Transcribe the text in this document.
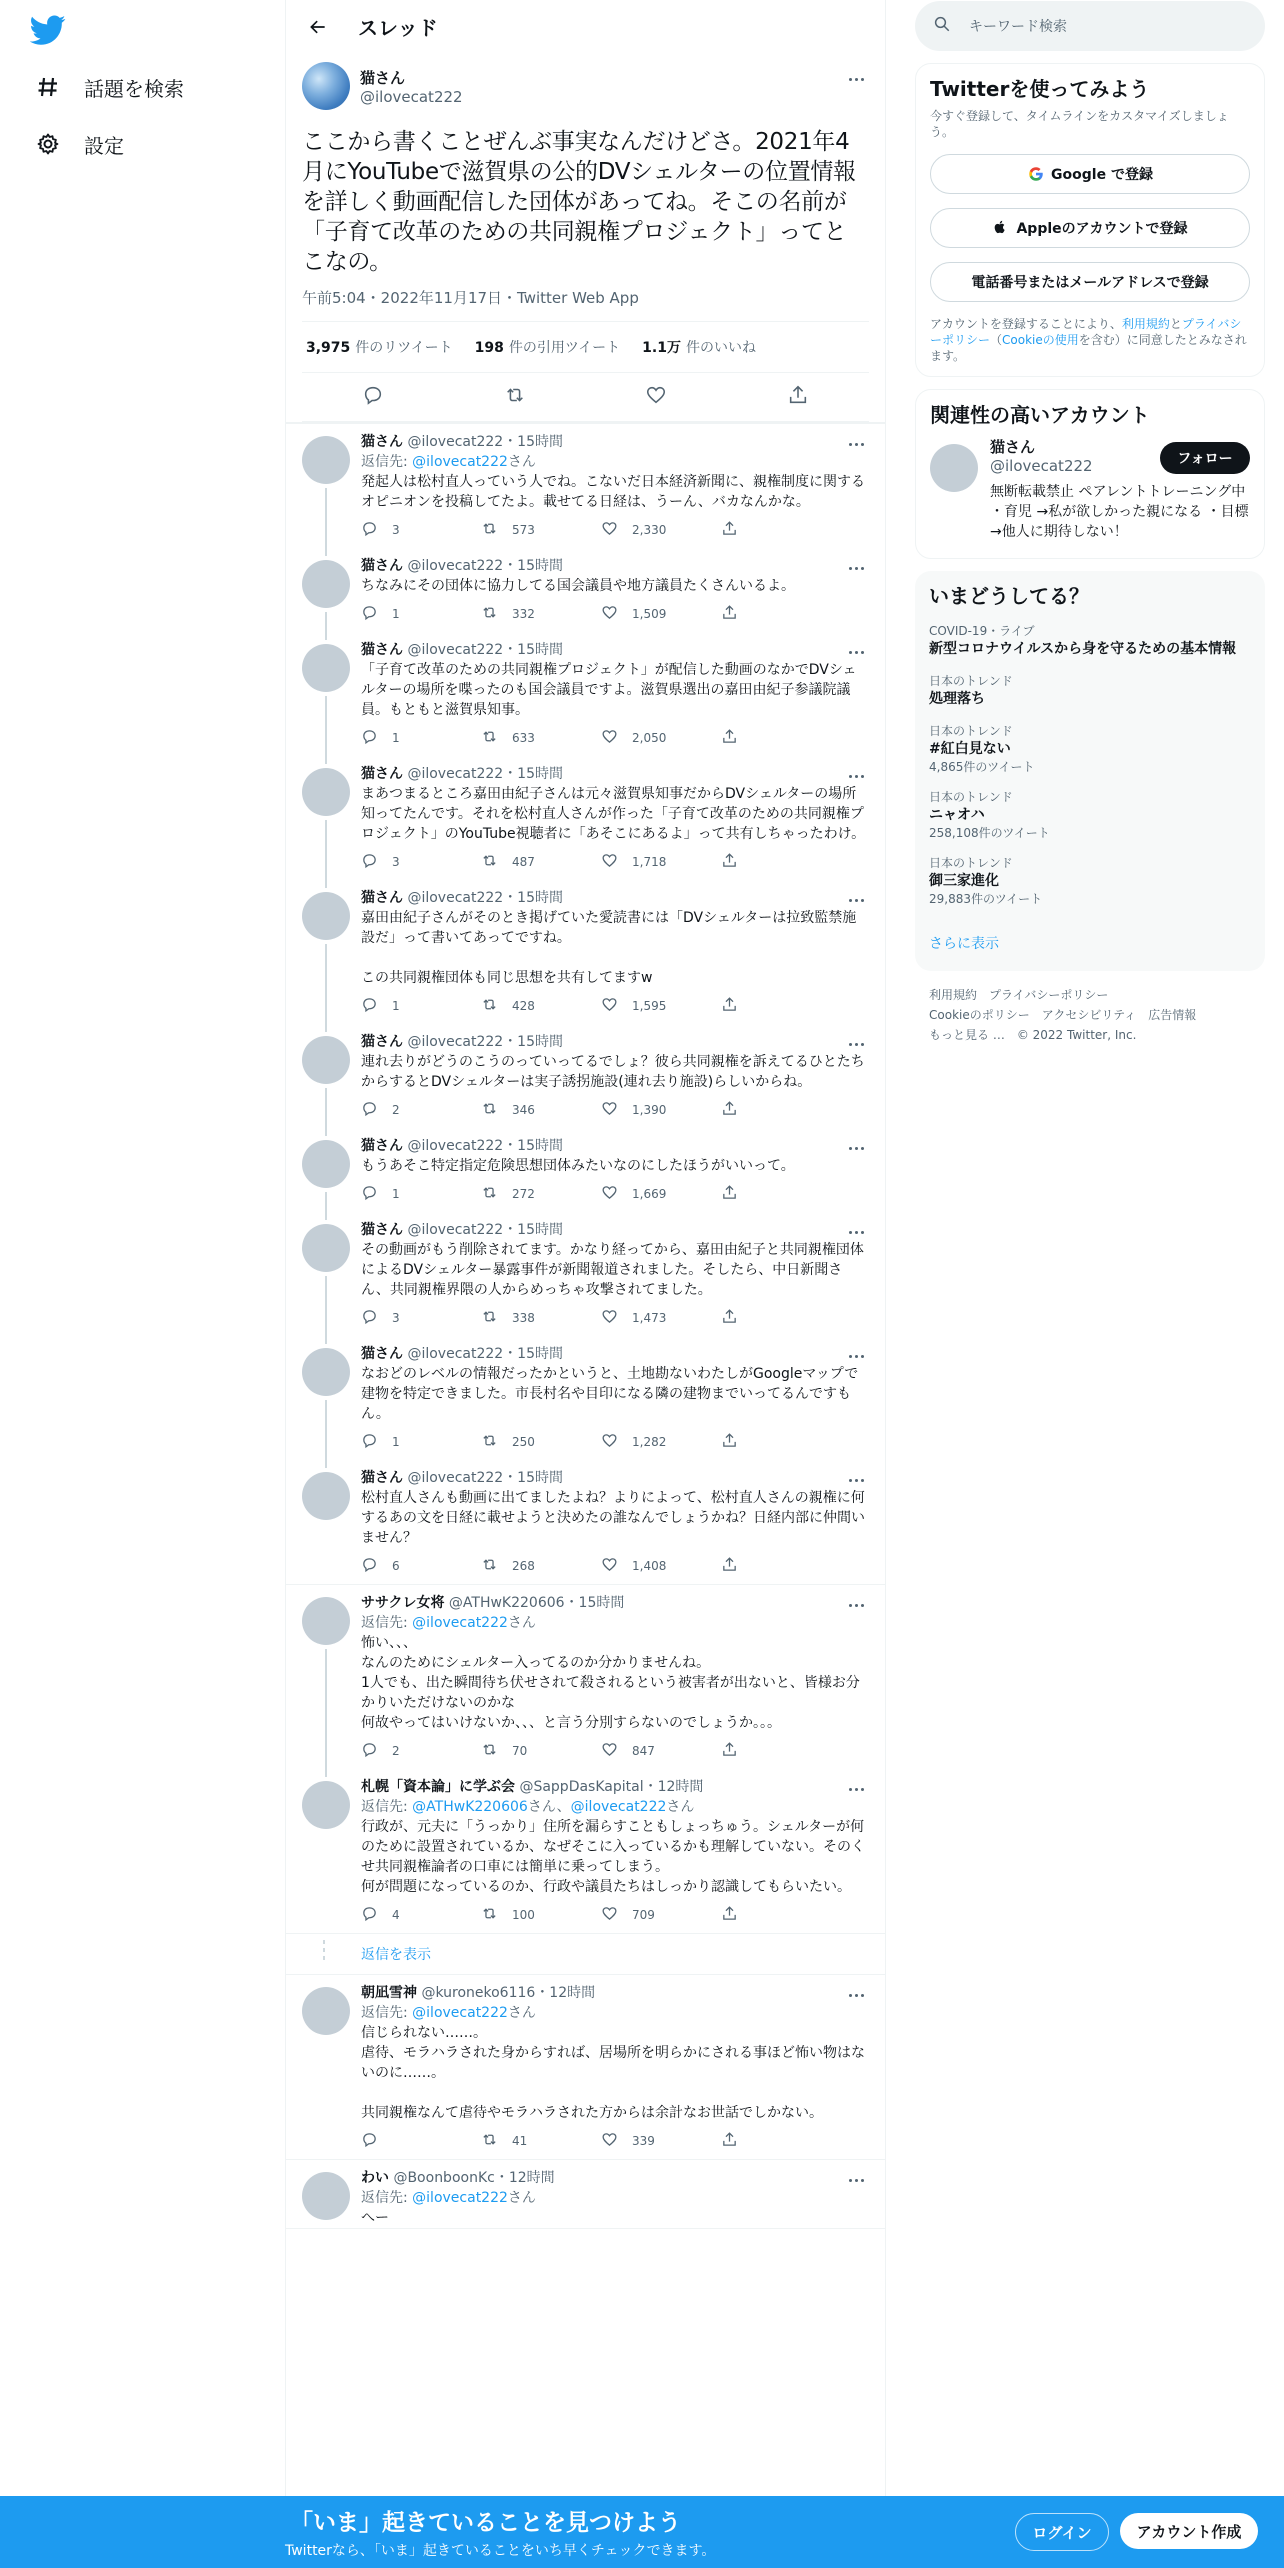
話題を検索
設定
スレッド
猫さん
@ilovecat222
ここから書くことぜんぶ事実なんだけどさ。2021年4月にYouTubeで滋賀県の公的DVシェルターの位置情報を詳しく動画配信した団体があってね。そこの名前が「子育て改革のための共同親権プロジェクト」ってとこなの。
午前5:04・2022年11月17日・Twitter Web App
3,975 件のリツイート 198 件の引用ツイート 1.1万 件のいいね
猫さん @ilovecat222・15時間
返信先: @ilovecat222さん
発起人は松村直人っていう人でね。こないだ日本経済新聞に、親権制度に関するオピニオンを投稿してたよ。載せてる日経は、うーん、バカなんかな。
3	573	2,330
猫さん @ilovecat222・15時間
ちなみにその団体に協力してる国会議員や地方議員たくさんいるよ。
1	332	1,509
猫さん @ilovecat222・15時間
「子育て改革のための共同親権プロジェクト」が配信した動画のなかでDVシェルターの場所を喋ったのも国会議員ですよ。滋賀県選出の嘉田由紀子参議院議員。もともと滋賀県知事。
1	633	2,050
猫さん @ilovecat222・15時間
まあつまるところ嘉田由紀子さんは元々滋賀県知事だからDVシェルターの場所知ってたんです。それを松村直人さんが作った「子育て改革のための共同親権プロジェクト」のYouTube視聴者に「あそこにあるよ」って共有しちゃったわけ。
3	487	1,718
猫さん @ilovecat222・15時間
嘉田由紀子さんがそのとき掲げていた愛読書には「DVシェルターは拉致監禁施設だ」って書いてあってですね。

この共同親権団体も同じ思想を共有してますw
1	428	1,595
猫さん @ilovecat222・15時間
連れ去りがどうのこうのっていってるでしょ？彼ら共同親権を訴えてるひとたちからするとDVシェルターは実子誘拐施設(連れ去り施設)らしいからね。
2	346	1,390
猫さん @ilovecat222・15時間
もうあそこ特定指定危険思想団体みたいなのにしたほうがいいって。
1	272	1,669
猫さん @ilovecat222・15時間
その動画がもう削除されてます。かなり経ってから、嘉田由紀子と共同親権団体によるDVシェルター暴露事件が新聞報道されました。そしたら、中日新聞さん、共同親権界隈の人からめっちゃ攻撃されてました。
3	338	1,473
猫さん @ilovecat222・15時間
なおどのレベルの情報だったかというと、土地勘ないわたしがGoogleマップで建物を特定できました。市長村名や目印になる隣の建物までいってるんですもん。
1	250	1,282
猫さん @ilovecat222・15時間
松村直人さんも動画に出てましたよね？よりによって、松村直人さんの親権に何するあの文を日経に載せようと決めたの誰なんでしょうかね？日経内部に仲間いません？
6	268	1,408
ササクレ女将 @ATHwK220606・15時間
返信先: @ilovecat222さん
怖い、、、
なんのためにシェルター入ってるのか分かりませんね。
1人でも、出た瞬間待ち伏せされて殺されるという被害者が出ないと、皆様お分かりいただけないのかな
何故やってはいけないか、、、と言う分別すらないのでしょうか。。。
2	70	847
札幌「資本論」に学ぶ会 @SappDasKapital・12時間
返信先: @ATHwK220606さん、@ilovecat222さん
行政が、元夫に「うっかり」住所を漏らすこともしょっちゅう。シェルターが何のために設置されているか、なぜそこに入っているかも理解していない。そのくせ共同親権論者の口車には簡単に乗ってしまう。
何が問題になっているのか、行政や議員たちはしっかり認識してもらいたい。
4	100	709
返信を表示
朝凪雪神 @kuroneko6116・12時間
返信先: @ilovecat222さん
信じられない……。
虐待、モラハラされた身からすれば、居場所を明らかにされる事ほど怖い物はないのに……。

共同親権なんて虐待やモラハラされた方からは余計なお世話でしかない。
41	339
わい @BoonboonKc・12時間
返信先: @ilovecat222さん
へー
キーワード検索
Twitterを使ってみよう
今すぐ登録して、タイムラインをカスタマイズしましょう。
Google で登録
Appleのアカウントで登録
電話番号またはメールアドレスで登録
アカウントを登録することにより、利用規約とプライバシーポリシー（Cookieの使用を含む）に同意したとみなされます。
関連性の高いアカウント
猫さん
@ilovecat222	フォロー
無断転載禁止 ペアレントトレーニング中 ・育児 →私が欲しかった親になる ・目標 →他人に期待しない！
いまどうしてる？
COVID-19・ライブ
新型コロナウイルスから身を守るための基本情報
日本のトレンド
処理落ち
日本のトレンド
#紅白見ない
4,865件のツイート
日本のトレンド
ニャオハ
258,108件のツイート
日本のトレンド
御三家進化
29,883件のツイート
さらに表示
利用規約 プライバシーポリシー
Cookieのポリシー アクセシビリティ 広告情報
もっと見る … © 2022 Twitter, Inc.
「いま」起きていることを見つけよう
Twitterなら、「いま」起きていることをいち早くチェックできます。
ログイン	アカウント作成
